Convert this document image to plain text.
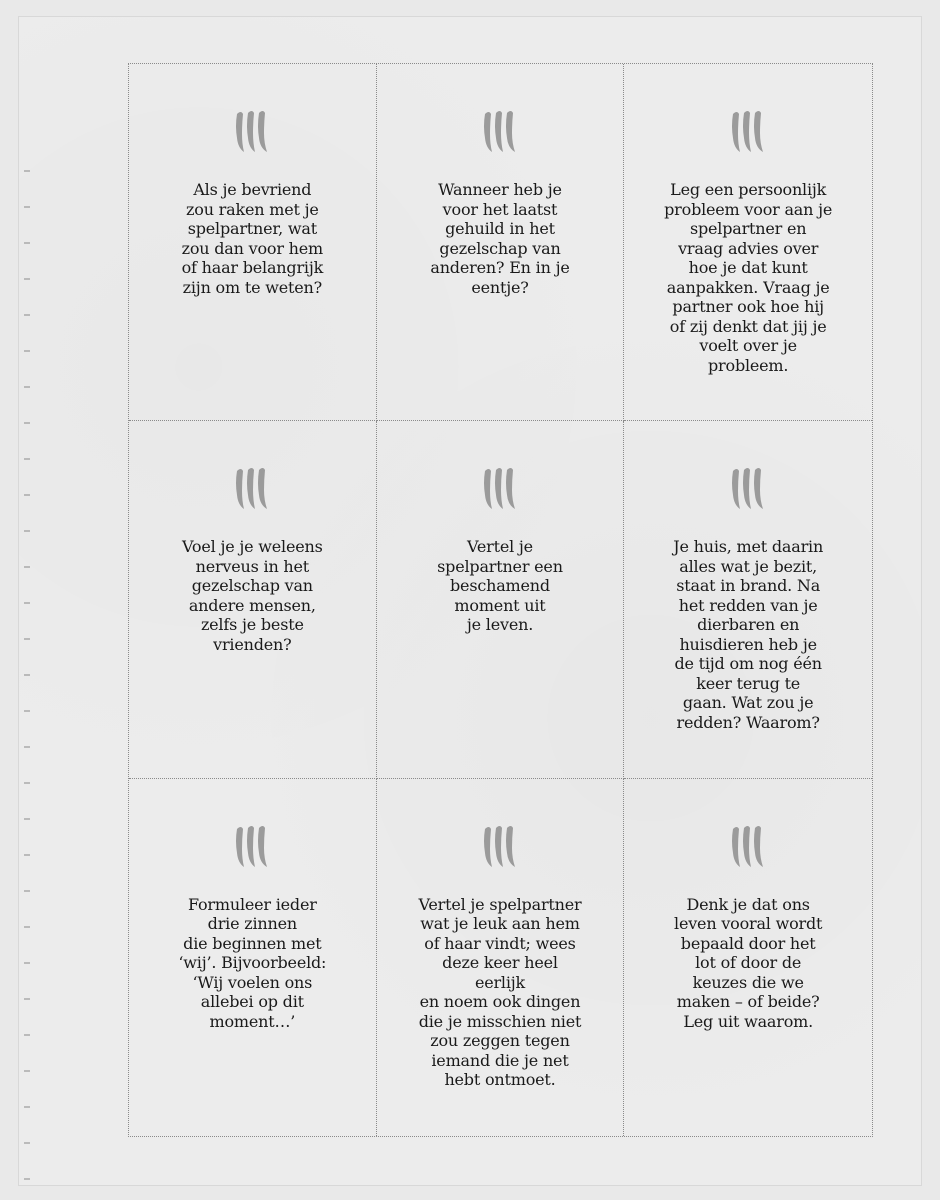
Als je bevriend
zou raken met je
spelpartner, wat
zou dan voor hem
of haar belangrijk
zijn om te weten?
Wanneer heb je
voor het laatst
gehuild in het
gezelschap van
anderen? En in je
eentje?
Leg een persoonlijk
probleem voor aan je
spelpartner en
vraag advies over
hoe je dat kunt
aanpakken. Vraag je
partner ook hoe hij
of zij denkt dat jij je
voelt over je
probleem.
Voel je je weleens
nerveus in het
gezelschap van
andere mensen,
zelfs je beste
vrienden?
Vertel je
spelpartner een
beschamend
moment uit
je leven.
Je huis, met daarin
alles wat je bezit,
staat in brand. Na
het redden van je
dierbaren en
huisdieren heb je
de tijd om nog één
keer terug te
gaan. Wat zou je
redden? Waarom?
Formuleer ieder
drie zinnen
die beginnen met
‘wij’. Bijvoorbeeld:
‘Wij voelen ons
allebei op dit
moment…’
Vertel je spelpartner
wat je leuk aan hem
of haar vindt; wees
deze keer heel eerlijk
en noem ook dingen
die je misschien niet
zou zeggen tegen
iemand die je net
hebt ontmoet.
Denk je dat ons
leven vooral wordt
bepaald door het
lot of door de
keuzes die we
maken – of beide?
Leg uit waarom.
